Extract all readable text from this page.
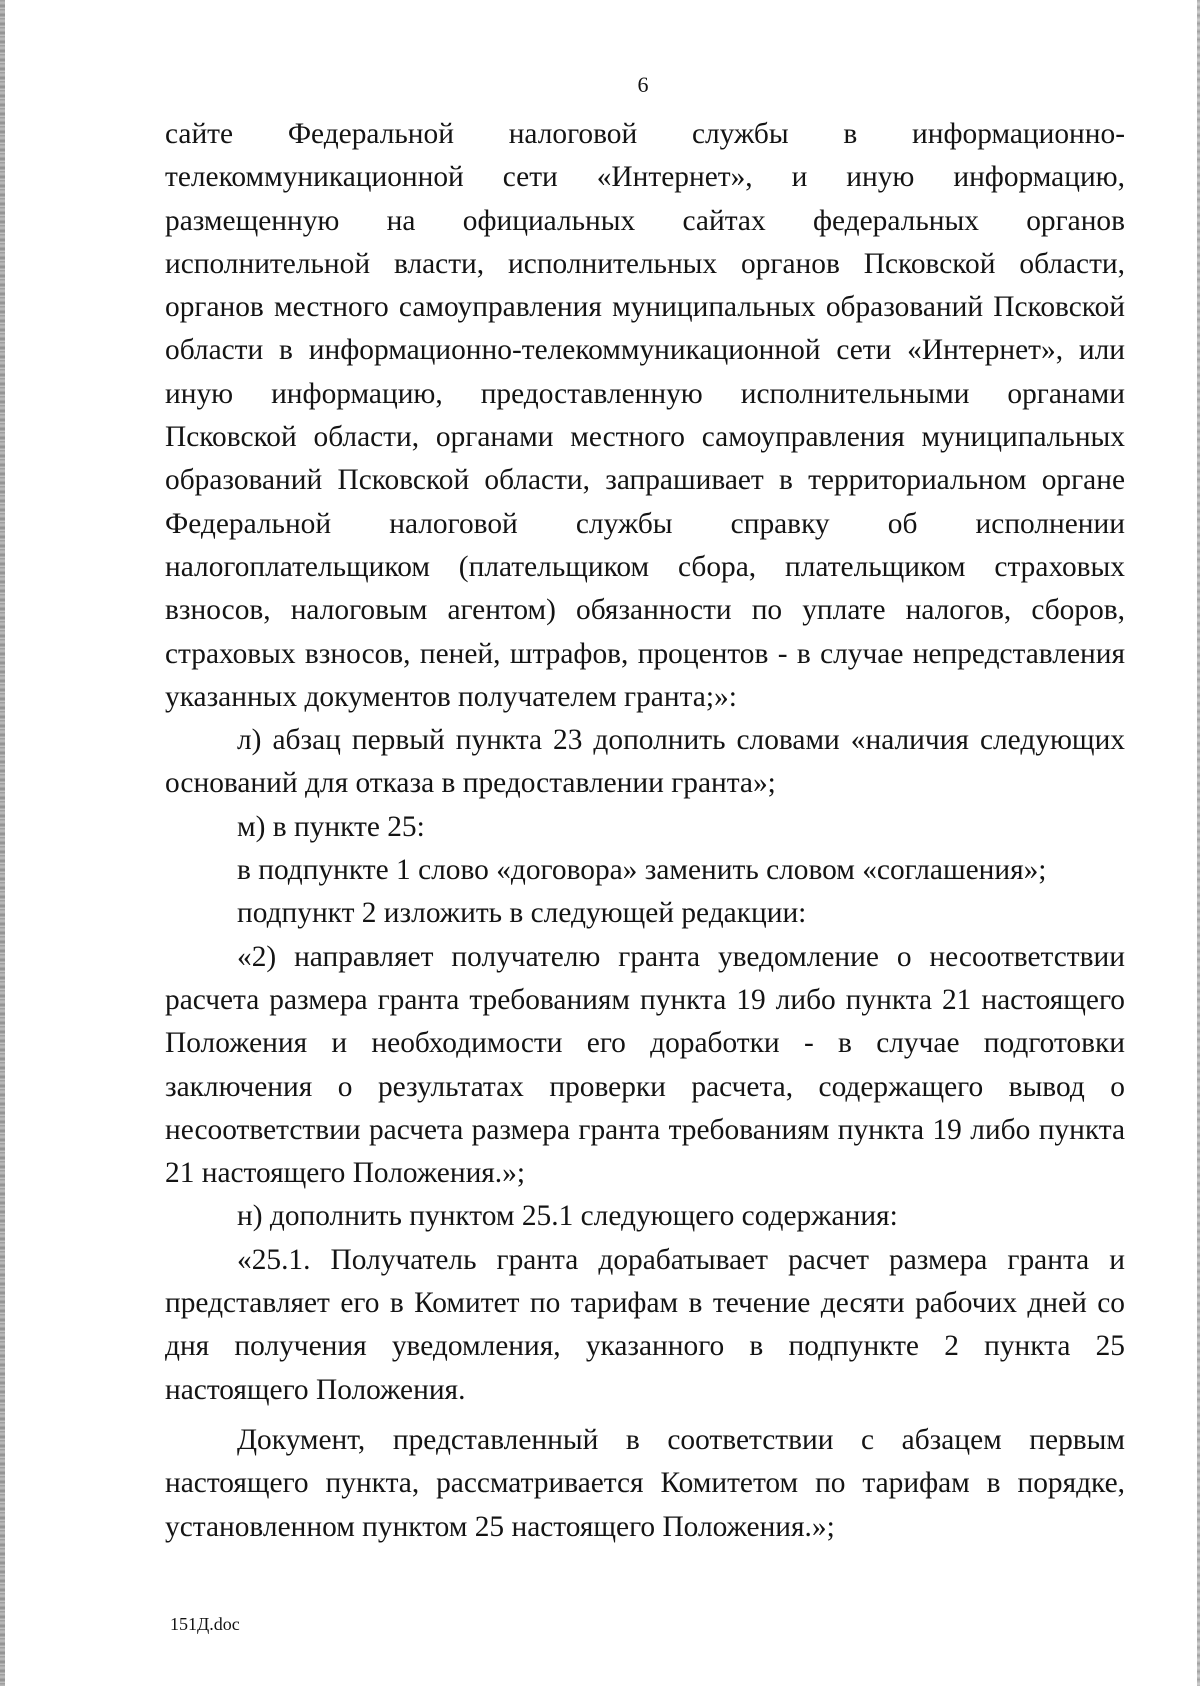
6

сайте Федеральной налоговой службы в информационно-телекоммуникационной сети «Интернет», и иную информацию, размещенную на официальных сайтах федеральных органов исполнительной власти, исполнительных органов Псковской области, органов местного самоуправления муниципальных образований Псковской области в информационно-телекоммуникационной сети «Интернет», или иную информацию, предоставленную исполнительными органами Псковской области, органами местного самоуправления муниципальных образований Псковской области, запрашивает в территориальном органе Федеральной налоговой службы справку об исполнении налогоплательщиком (плательщиком сбора, плательщиком страховых взносов, налоговым агентом) обязанности по уплате налогов, сборов, страховых взносов, пеней, штрафов, процентов - в случае непредставления указанных документов получателем гранта;»:

л) абзац первый пункта 23 дополнить словами «наличия следующих оснований для отказа в предоставлении гранта»;

м) в пункте 25:

в подпункте 1 слово «договора» заменить словом «соглашения»;

подпункт 2 изложить в следующей редакции:

«2) направляет получателю гранта уведомление о несоответствии расчета размера гранта требованиям пункта 19 либо пункта 21 настоящего Положения и необходимости его доработки - в случае подготовки заключения о результатах проверки расчета, содержащего вывод о несоответствии расчета размера гранта требованиям пункта 19 либо пункта 21 настоящего Положения.»;

н) дополнить пунктом 25.1 следующего содержания:

«25.1. Получатель гранта дорабатывает расчет размера гранта и представляет его в Комитет по тарифам в течение десяти рабочих дней со дня получения уведомления, указанного в подпункте 2 пункта 25 настоящего Положения.

Документ, представленный в соответствии с абзацем первым настоящего пункта, рассматривается Комитетом по тарифам в порядке, установленном пунктом 25 настоящего Положения.»;

151Д.doc
